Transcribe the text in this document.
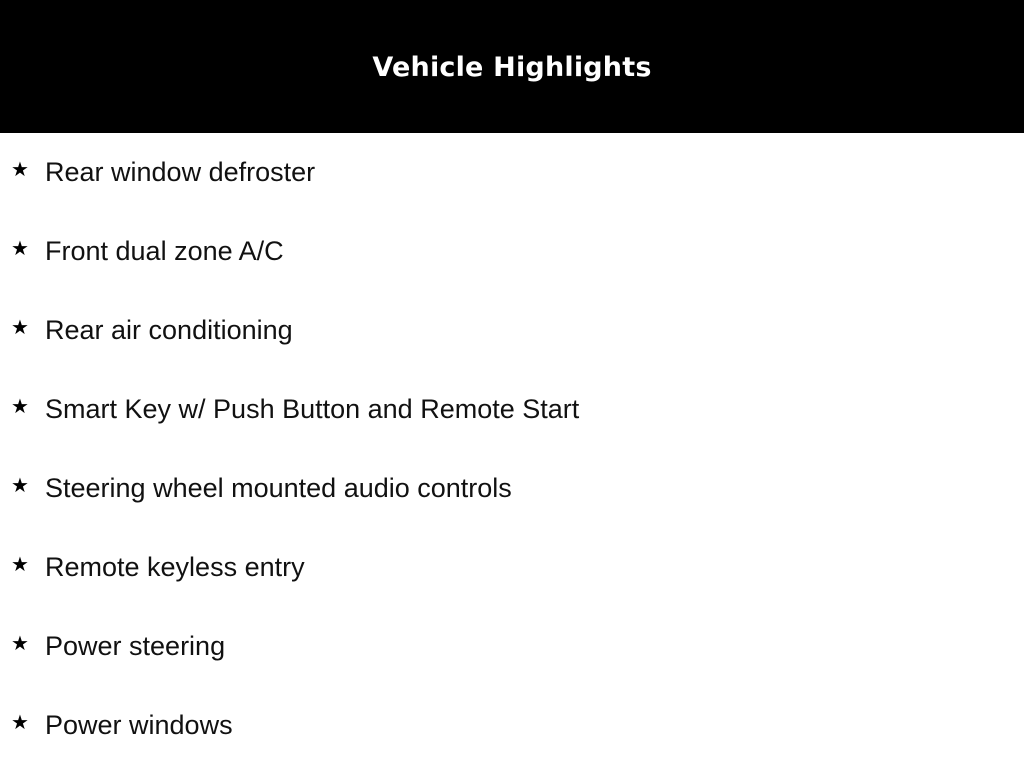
Vehicle Highlights
★ Rear window defroster
★ Front dual zone A/C
★ Rear air conditioning
★ Smart Key w/ Push Button and Remote Start
★ Steering wheel mounted audio controls
★ Remote keyless entry
★ Power steering
★ Power windows
